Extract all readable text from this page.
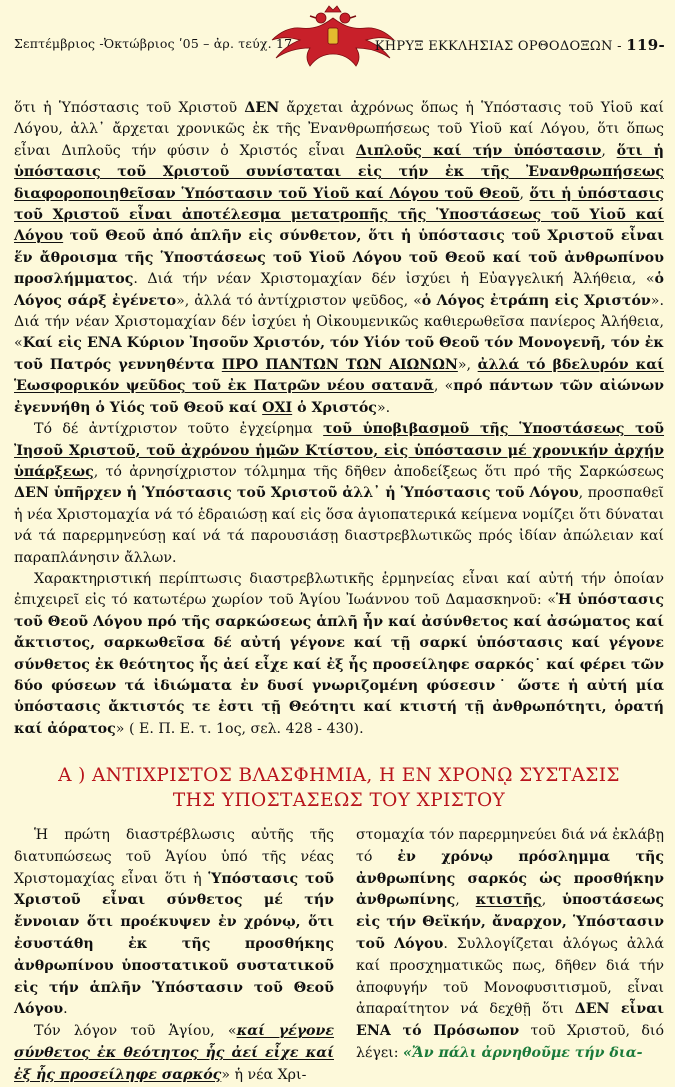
Σεπτέμβριος -Ὀκτώβριος ʹ05 – ἀρ. τεύχ. 17	ΚΗΡΥΞ ΕΚΚΛΗΣΙΑΣ ΟΡΘΟΔΟΞΩΝ - 119-

ὅτι ἡ Ὑπόστασις τοῦ Χριστοῦ ΔΕΝ ἄρχεται ἀχρόνως ὅπως ἡ Ὑπόστασις τοῦ Υἱοῦ καί Λόγου, ἀλλ᾽ ἄρχεται χρονικῶς ἐκ τῆς Ἐνανθρωπήσεως τοῦ Υἱοῦ καί Λόγου, ὅτι ὅπως εἶναι Διπλοῦς τήν φύσιν ὁ Χριστός εἶναι Διπλοῦς καί τήν ὑπόστασιν, ὅτι ἡ ὑπόστασις τοῦ Χριστοῦ συνίσταται εἰς τήν ἐκ τῆς Ἐνανθρωπήσεως διαφοροποιηθεῖσαν Ὑπόστασιν τοῦ Υἱοῦ καί Λόγου τοῦ Θεοῦ, ὅτι ἡ ὑπόστασις τοῦ Χριστοῦ εἶναι ἀποτέλεσμα μετατροπῆς τῆς Ὑποστάσεως τοῦ Υἱοῦ καί Λόγου τοῦ Θεοῦ ἀπό ἁπλῆν εἰς σύνθετον, ὅτι ἡ ὑπόστασις τοῦ Χριστοῦ εἶναι ἕν ἄθροισμα τῆς Ὑποστάσεως τοῦ Υἱοῦ Λόγου τοῦ Θεοῦ καί τοῦ ἀνθρωπίνου προσλήμματος. Διά τήν νέαν Χριστομαχίαν δέν ἰσχύει ἡ Εὐαγγελική Ἀλήθεια, «ὁ Λόγος σάρξ ἐγένετο», ἀλλά τό ἀντίχριστον ψεῦδος, «ὁ Λόγος ἐτράπη εἰς Χριστόν». Διά τήν νέαν Χριστομαχίαν δέν ἰσχύει ἡ Οἰκουμενικῶς καθιερωθεῖσα πανίερος Ἀλήθεια, «Καί εἰς ΕΝΑ Κύριον Ἰησοῦν Χριστόν, τόν Υἱόν τοῦ Θεοῦ τόν Μονογενῆ, τόν ἐκ τοῦ Πατρός γεννηθέντα ΠΡΟ ΠΑΝΤΩΝ ΤΩΝ ΑΙΩΝΩΝ», ἀλλά τό βδελυρόν καί Ἑωσφορικόν ψεῦδος τοῦ ἐκ Πατρῶν νέου σατανᾶ, «πρό πάντων τῶν αἰώνων ἐγεννήθη ὁ Υἱός τοῦ Θεοῦ καί ΟΧΙ ὁ Χριστός».

Τό δέ ἀντίχριστον τοῦτο ἐγχείρημα τοῦ ὑποβιβασμοῦ τῆς Ὑποστάσεως τοῦ Ἰησοῦ Χριστοῦ, τοῦ ἀχρόνου ἡμῶν Κτίστου, εἰς ὑπόστασιν μέ χρονικήν ἀρχήν ὑπάρξεως, τό ἀρνησίχριστον τόλμημα τῆς δῆθεν ἀποδείξεως ὅτι πρό τῆς Σαρκώσεως ΔΕΝ ὑπῆρχεν ἡ Ὑπόστασις τοῦ Χριστοῦ ἀλλ᾽ ἡ Ὑπόστασις τοῦ Λόγου, προσπαθεῖ ἡ νέα Χριστομαχία νά τό ἑδραιώσῃ καί εἰς ὅσα ἁγιοπατερικά κείμενα νομίζει ὅτι δύναται νά τά παρερμηνεύσῃ καί νά τά παρουσιάσῃ διαστρεβλωτικῶς πρός ἰδίαν ἀπώλειαν καί παραπλάνησιν ἄλλων.

Χαρακτηριστική περίπτωσις διαστρεβλωτικῆς ἑρμηνείας εἶναι καί αὐτή τήν ὁποίαν ἐπιχειρεῖ εἰς τό κατωτέρω χωρίον τοῦ Ἁγίου Ἰωάννου τοῦ Δαμασκηνοῦ: «Ἡ ὑπόστασις τοῦ Θεοῦ Λόγου πρό τῆς σαρκώσεως ἁπλῆ ἦν καί ἀσύνθετος καί ἀσώματος καί ἄκτιστος, σαρκωθεῖσα δέ αὐτή γέγονε καί τῇ σαρκί ὑπόστασις καί γέγονε σύνθετος ἐκ θεότητος ἧς ἀεί εἶχε καί ἐξ ἧς προσείληφε σαρκός˙ καί φέρει τῶν δύο φύσεων τά ἰδιώματα ἐν δυσί γνωριζομένη φύσεσιν˙ ὥστε ἡ αὐτή μία ὑπόστασις ἄκτιστός τε ἐστι τῇ Θεότητι καί κτιστή τῇ ἀνθρωπότητι, ὁρατή καί ἀόρατος» ( Ε. Π. Ε. τ. 1ος, σελ. 428 - 430).

Α ) ΑΝΤΙΧΡΙΣΤΟΣ ΒΛΑΣΦΗΜΙΑ, Η ΕΝ ΧΡΟΝῼ ΣΥΣΤΑΣΙΣ
ΤΗΣ ΥΠΟΣΤΑΣΕΩΣ ΤΟΥ ΧΡΙΣΤΟΥ

Ἡ πρώτη διαστρέβλωσις αὐτῆς τῆς διατυπώσεως τοῦ Ἁγίου ὑπό τῆς νέας Χριστομαχίας εἶναι ὅτι ἡ Ὑπόστασις τοῦ Χριστοῦ εἶναι σύνθετος μέ τήν ἔννοιαν ὅτι προέκυψεν ἐν χρόνῳ, ὅτι ἐσυστάθη ἐκ τῆς προσθήκης ἀνθρωπίνου ὑποστατικοῦ συστατικοῦ εἰς τήν ἁπλῆν Ὑπόστασιν τοῦ Θεοῦ Λόγου.

Τόν λόγον τοῦ Ἁγίου, «καί γέγονε σύνθετος ἐκ θεότητος ἧς ἀεί εἶχε καί ἐξ ἧς προσείληφε σαρκός» ἡ νέα Χρι-

στομαχία τόν παρερμηνεύει διά νά ἐκλάβῃ τό ἐν χρόνῳ πρόσλημμα τῆς ἀνθρωπίνης σαρκός ὡς προσθήκην ἀνθρωπίνης, κτιστῆς, ὑποστάσεως εἰς τήν Θεϊκήν, ἄναρχον, Ὑπόστασιν τοῦ Λόγου. Συλλογίζεται ἀλόγως ἀλλά καί προσχηματικῶς πως, δῆθεν διά τήν ἀποφυγήν τοῦ Μονοφυσιτισμοῦ, εἶναι ἀπαραίτητον νά δεχθῇ ὅτι ΔΕΝ εἶναι ΕΝΑ τό Πρόσωπον τοῦ Χριστοῦ, διό λέγει: «Ἄν πάλι ἀρνηθοῦμε τήν δια-
